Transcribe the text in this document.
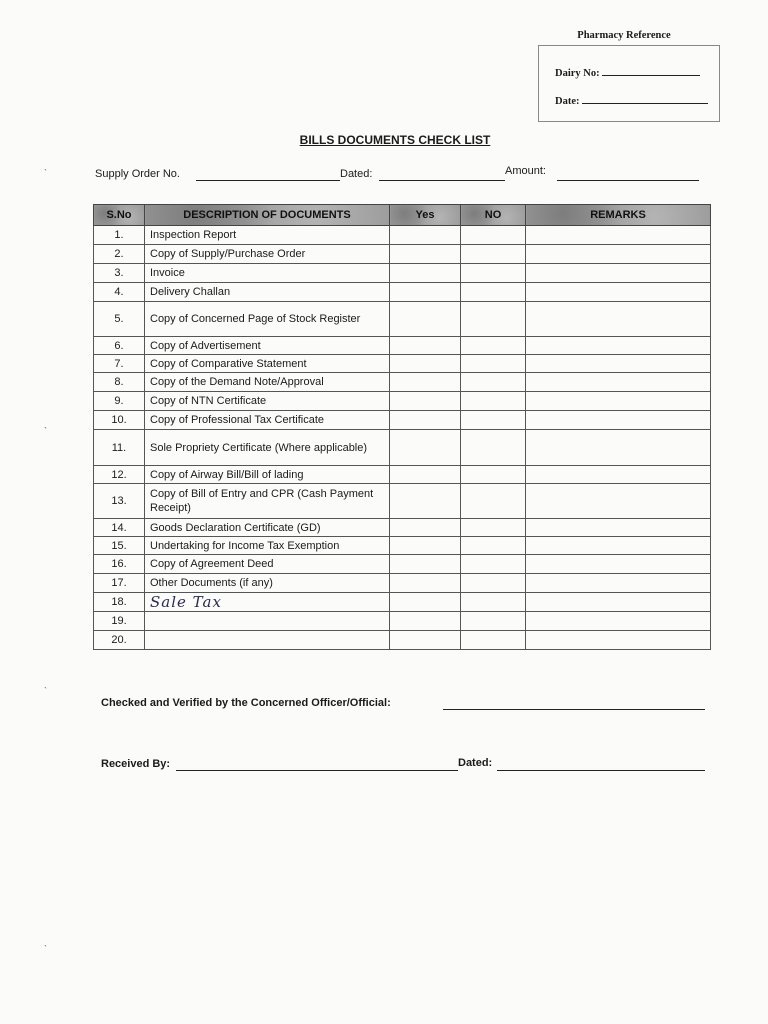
Pharmacy Reference
Dairy No:
Date:
BILLS DOCUMENTS CHECK LIST
Supply Order No.	Dated:	Amount:
S.No	DESCRIPTION OF DOCUMENTS	Yes	NO	REMARKS
1.	Inspection Report			
2.	Copy of Supply/Purchase Order			
3.	Invoice			
4.	Delivery Challan			
5.	Copy of Concerned Page of Stock Register			
6.	Copy of Advertisement			
7.	Copy of Comparative Statement			
8.	Copy of the Demand Note/Approval			
9.	Copy of NTN Certificate			
10.	Copy of Professional Tax Certificate			
11.	Sole Propriety Certificate (Where applicable)			
12.	Copy of Airway Bill/Bill of lading			
13.	Copy of Bill of Entry and CPR (Cash Payment Receipt)			
14.	Goods Declaration Certificate (GD)			
15.	Undertaking for Income Tax Exemption			
16.	Copy of Agreement Deed			
17.	Other Documents (if any)			
18.	Sale Tax			
19.				
20.				
Checked and Verified by the Concerned Officer/Official:
Received By:	Dated:
`
`
`
`
